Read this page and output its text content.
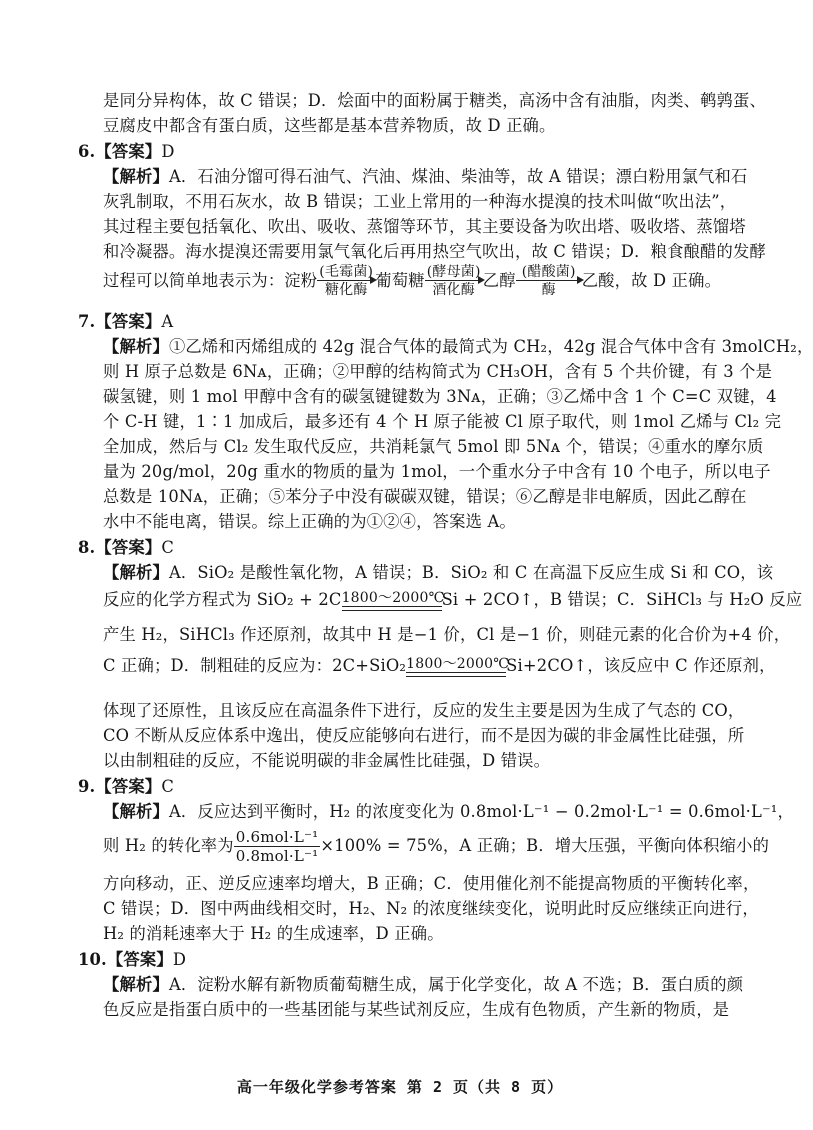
是同分异构体，故 C 错误；D．烩面中的面粉属于糖类，高汤中含有油脂，肉类、鹌鹑蛋、
豆腐皮中都含有蛋白质，这些都是基本营养物质，故 D 正确。
6.【答案】D
【解析】A．石油分馏可得石油气、汽油、煤油、柴油等，故 A 错误；漂白粉用氯气和石
灰乳制取，不用石灰水，故 B 错误；工业上常用的一种海水提溴的技术叫做“吹出法”，
其过程主要包括氧化、吹出、吸收、蒸馏等环节，其主要设备为吹出塔、吸收塔、蒸馏塔
和冷凝器。海水提溴还需要用氯气氧化后再用热空气吹出，故 C 错误；D．粮食酿醋的发酵
过程可以简单地表示为：淀粉 (毛霉菌)
糖化酶 葡萄糖 (酵母菌)
酒化酶 乙醇 (醋酸菌)
酶	乙酸，故 D 正确。
7.【答案】A
【解析】①乙烯和丙烯组成的 42g 混合气体的最简式为 CH₂，42g 混合气体中含有 3molCH₂，
则 H 原子总数是 6Nᴀ，正确；②甲醇的结构简式为 CH₃OH，含有 5 个共价键，有 3 个是
碳氢键，则 1 mol 甲醇中含有的碳氢键键数为 3Nᴀ，正确；③乙烯中含 1 个 C=C 双键，4
个 C-H 键，1∶1 加成后，最多还有 4 个 H 原子能被 Cl 原子取代，则 1mol 乙烯与 Cl₂ 完
全加成，然后与 Cl₂ 发生取代反应，共消耗氯气 5mol 即 5Nᴀ 个，错误；④重水的摩尔质
量为 20g/mol，20g 重水的物质的量为 1mol，一个重水分子中含有 10 个电子，所以电子
总数是 10Nᴀ，正确；⑤苯分子中没有碳碳双键，错误；⑥乙醇是非电解质，因此乙醇在
水中不能电离，错误。综上正确的为①②④，答案选 A。
8.【答案】C
【解析】A．SiO₂ 是酸性氧化物，A 错误；B．SiO₂ 和 C 在高温下反应生成 Si 和 CO，该
反应的化学方程式为 SiO₂ + 2C 1800～2000℃
Si + 2CO↑，B 错误；C．SiHCl₃ 与 H₂O 反应
产生 H₂，SiHCl₃ 作还原剂，故其中 H 是−1 价，Cl 是−1 价，则硅元素的化合价为+4 价，
C 正确；D．制粗硅的反应为：2C+SiO₂ 1800～2000℃
Si+2CO↑，该反应中 C 作还原剂，
体现了还原性，且该反应在高温条件下进行，反应的发生主要是因为生成了气态的 CO，
CO 不断从反应体系中逸出，使反应能够向右进行，而不是因为碳的非金属性比硅强，所
以由制粗硅的反应，不能说明碳的非金属性比硅强，D 错误。
9.【答案】C
【解析】A．反应达到平衡时，H₂ 的浓度变化为 0.8mol·L⁻¹ − 0.2mol·L⁻¹ = 0.6mol·L⁻¹，
则 H₂ 的转化率为 $\frac{\text{0.6mol·L⁻¹}}{\text{0.8mol·L⁻¹}} \times 100\% = 75\%$，A 正确；B．增大压强，平衡向体积缩小的
方向移动，正、逆反应速率均增大，B 正确；C．使用催化剂不能提高物质的平衡转化率，
C 错误；D．图中两曲线相交时，H₂、N₂ 的浓度继续变化，说明此时反应继续正向进行，
H₂ 的消耗速率大于 H₂ 的生成速率，D 正确。
10.【答案】D
【解析】A．淀粉水解有新物质葡萄糖生成，属于化学变化，故 A 不选；B．蛋白质的颜
色反应是指蛋白质中的一些基团能与某些试剂反应，生成有色物质，产生新的物质，是
高一年级化学参考答案 第 2 页（共 8 页）
